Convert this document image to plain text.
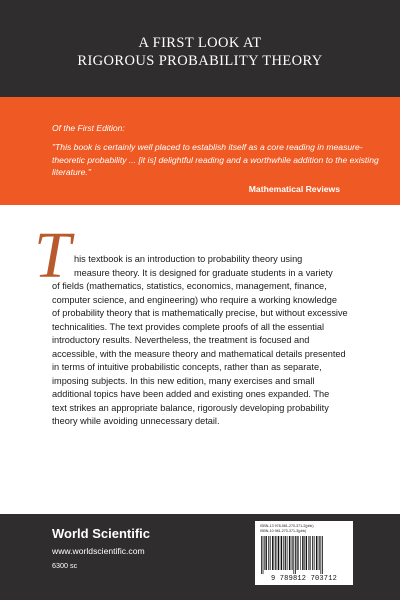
A FIRST LOOK AT
RIGOROUS PROBABILITY THEORY
Of the First Edition:
"This book is certainly well placed to establish itself as a core reading in measure-theoretic probability ... [it is] delightful reading and a worthwhile addition to the existing literature."
Mathematical Reviews
T his textbook is an introduction to probability theory using
measure theory. It is designed for graduate students in a variety
of fields (mathematics, statistics, economics, management, finance,
computer science, and engineering) who require a working knowledge
of probability theory that is mathematically precise, but without excessive
technicalities. The text provides complete proofs of all the essential
introductory results. Nevertheless, the treatment is focused and
accessible, with the measure theory and mathematical details presented
in terms of intuitive probabilistic concepts, rather than as separate,
imposing subjects. In this new edition, many exercises and small
additional topics have been added and existing ones expanded. The
text strikes an appropriate balance, rigorously developing probability
theory while avoiding unnecessary detail.
World Scientific
www.worldscientific.com
6300 sc
ISBN-13 978-981-270-371-2(pbk)
ISBN-10 981-270-371-3(pbk)
9 789812 703712
